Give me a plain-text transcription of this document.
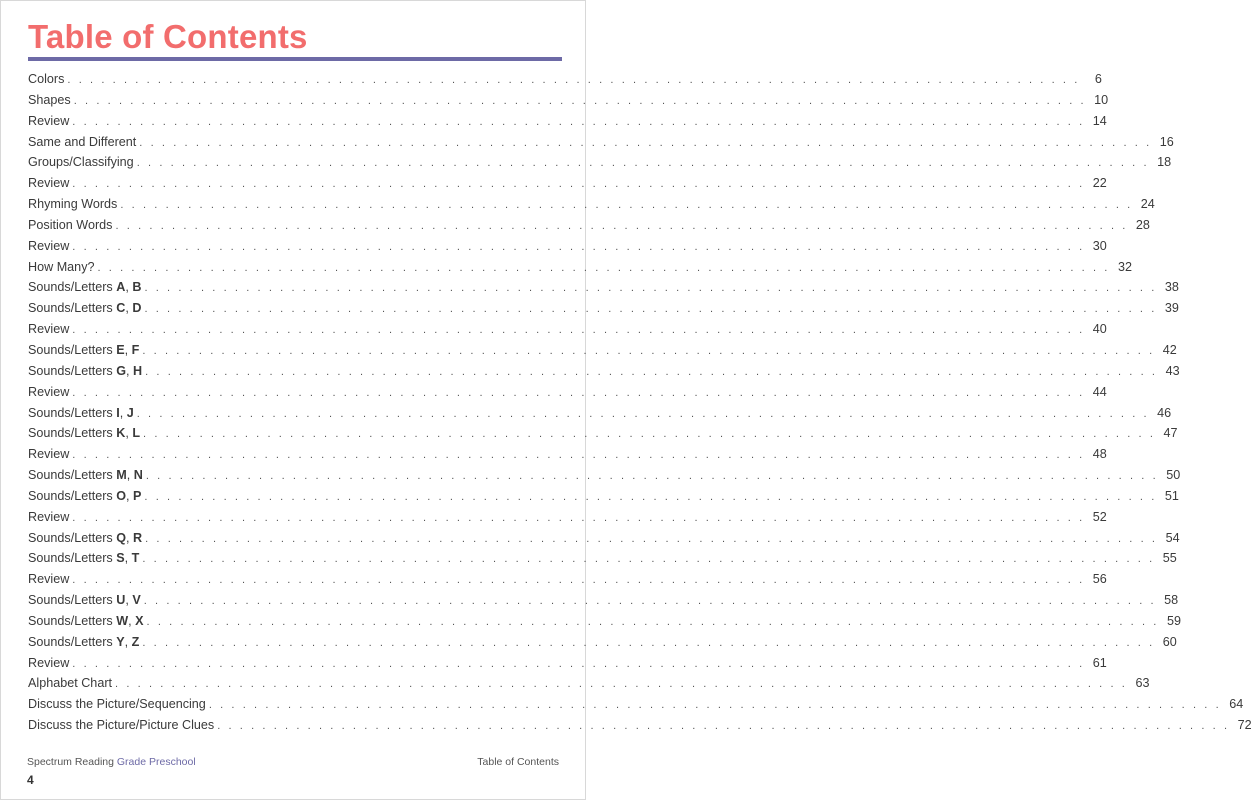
Table of Contents
Colors . . . . . . . . . . . . . . . . . . . . . . . . . . . . . . . . . . . . . . . . . . . . . . . . . . . . . . . . . . . . . . . . . . . . . . . . . . . . . . . . . . . . . . . . . .	6
Shapes . . . . . . . . . . . . . . . . . . . . . . . . . . . . . . . . . . . . . . . . . . . . . . . . . . . . . . . . . . . . . . . . . . . . . . . . . . . . . . . . . . . . . . . . . . 10
Review . . . . . . . . . . . . . . . . . . . . . . . . . . . . . . . . . . . . . . . . . . . . . . . . . . . . . . . . . . . . . . . . . . . . . . . . . . . . . . . . . . . . . . . . . . 14
Same and Different . . . . . . . . . . . . . . . . . . . . . . . . . . . . . . . . . . . . . . . . . . . . . . . . . . . . . . . . . . . . . . . . . . . . . . . . . . . . . . . . . . . . . . . . . . 16
Groups/Classifying . . . . . . . . . . . . . . . . . . . . . . . . . . . . . . . . . . . . . . . . . . . . . . . . . . . . . . . . . . . . . . . . . . . . . . . . . . . . . . . . . . . . . . . . . . 18
Review . . . . . . . . . . . . . . . . . . . . . . . . . . . . . . . . . . . . . . . . . . . . . . . . . . . . . . . . . . . . . . . . . . . . . . . . . . . . . . . . . . . . . . . . . . 22
Rhyming Words . . . . . . . . . . . . . . . . . . . . . . . . . . . . . . . . . . . . . . . . . . . . . . . . . . . . . . . . . . . . . . . . . . . . . . . . . . . . . . . . . . . . . . . . . . 24
Position Words . . . . . . . . . . . . . . . . . . . . . . . . . . . . . . . . . . . . . . . . . . . . . . . . . . . . . . . . . . . . . . . . . . . . . . . . . . . . . . . . . . . . . . . . . . 28
Review . . . . . . . . . . . . . . . . . . . . . . . . . . . . . . . . . . . . . . . . . . . . . . . . . . . . . . . . . . . . . . . . . . . . . . . . . . . . . . . . . . . . . . . . . . 30
How Many? . . . . . . . . . . . . . . . . . . . . . . . . . . . . . . . . . . . . . . . . . . . . . . . . . . . . . . . . . . . . . . . . . . . . . . . . . . . . . . . . . . . . . . . . . . 32
Sounds/Letters A, B . . . . . . . . . . . . . . . . . . . . . . . . . . . . . . . . . . . . . . . . . . . . . . . . . . . . . . . . . . . . . . . . . . . . . . . . . . . . . . . . . . . . . . . . . . 38
Sounds/Letters C, D . . . . . . . . . . . . . . . . . . . . . . . . . . . . . . . . . . . . . . . . . . . . . . . . . . . . . . . . . . . . . . . . . . . . . . . . . . . . . . . . . . . . . . . . . . 39
Review . . . . . . . . . . . . . . . . . . . . . . . . . . . . . . . . . . . . . . . . . . . . . . . . . . . . . . . . . . . . . . . . . . . . . . . . . . . . . . . . . . . . . . . . . . 40
Sounds/Letters E, F . . . . . . . . . . . . . . . . . . . . . . . . . . . . . . . . . . . . . . . . . . . . . . . . . . . . . . . . . . . . . . . . . . . . . . . . . . . . . . . . . . . . . . . . . . 42
Sounds/Letters G, H . . . . . . . . . . . . . . . . . . . . . . . . . . . . . . . . . . . . . . . . . . . . . . . . . . . . . . . . . . . . . . . . . . . . . . . . . . . . . . . . . . . . . . . . . . 43
Review . . . . . . . . . . . . . . . . . . . . . . . . . . . . . . . . . . . . . . . . . . . . . . . . . . . . . . . . . . . . . . . . . . . . . . . . . . . . . . . . . . . . . . . . . . 44
Sounds/Letters I, J . . . . . . . . . . . . . . . . . . . . . . . . . . . . . . . . . . . . . . . . . . . . . . . . . . . . . . . . . . . . . . . . . . . . . . . . . . . . . . . . . . . . . . . . . . 46
Sounds/Letters K, L . . . . . . . . . . . . . . . . . . . . . . . . . . . . . . . . . . . . . . . . . . . . . . . . . . . . . . . . . . . . . . . . . . . . . . . . . . . . . . . . . . . . . . . . . . 47
Review . . . . . . . . . . . . . . . . . . . . . . . . . . . . . . . . . . . . . . . . . . . . . . . . . . . . . . . . . . . . . . . . . . . . . . . . . . . . . . . . . . . . . . . . . . 48
Sounds/Letters M, N . . . . . . . . . . . . . . . . . . . . . . . . . . . . . . . . . . . . . . . . . . . . . . . . . . . . . . . . . . . . . . . . . . . . . . . . . . . . . . . . . . . . . . . . . . 50
Sounds/Letters O, P . . . . . . . . . . . . . . . . . . . . . . . . . . . . . . . . . . . . . . . . . . . . . . . . . . . . . . . . . . . . . . . . . . . . . . . . . . . . . . . . . . . . . . . . . . 51
Review . . . . . . . . . . . . . . . . . . . . . . . . . . . . . . . . . . . . . . . . . . . . . . . . . . . . . . . . . . . . . . . . . . . . . . . . . . . . . . . . . . . . . . . . . . 52
Sounds/Letters Q, R . . . . . . . . . . . . . . . . . . . . . . . . . . . . . . . . . . . . . . . . . . . . . . . . . . . . . . . . . . . . . . . . . . . . . . . . . . . . . . . . . . . . . . . . . . 54
Sounds/Letters S, T . . . . . . . . . . . . . . . . . . . . . . . . . . . . . . . . . . . . . . . . . . . . . . . . . . . . . . . . . . . . . . . . . . . . . . . . . . . . . . . . . . . . . . . . . . 55
Review . . . . . . . . . . . . . . . . . . . . . . . . . . . . . . . . . . . . . . . . . . . . . . . . . . . . . . . . . . . . . . . . . . . . . . . . . . . . . . . . . . . . . . . . . . 56
Sounds/Letters U, V . . . . . . . . . . . . . . . . . . . . . . . . . . . . . . . . . . . . . . . . . . . . . . . . . . . . . . . . . . . . . . . . . . . . . . . . . . . . . . . . . . . . . . . . . . 58
Sounds/Letters W, X . . . . . . . . . . . . . . . . . . . . . . . . . . . . . . . . . . . . . . . . . . . . . . . . . . . . . . . . . . . . . . . . . . . . . . . . . . . . . . . . . . . . . . . . . . 59
Sounds/Letters Y, Z . . . . . . . . . . . . . . . . . . . . . . . . . . . . . . . . . . . . . . . . . . . . . . . . . . . . . . . . . . . . . . . . . . . . . . . . . . . . . . . . . . . . . . . . . . 60
Review . . . . . . . . . . . . . . . . . . . . . . . . . . . . . . . . . . . . . . . . . . . . . . . . . . . . . . . . . . . . . . . . . . . . . . . . . . . . . . . . . . . . . . . . . . 61
Alphabet Chart . . . . . . . . . . . . . . . . . . . . . . . . . . . . . . . . . . . . . . . . . . . . . . . . . . . . . . . . . . . . . . . . . . . . . . . . . . . . . . . . . . . . . . . . . . 63
Discuss the Picture/Sequencing . . . . . . . . . . . . . . . . . . . . . . . . . . . . . . . . . . . . . . . . . . . . . . . . . . . . . . . . . . . . . . . . . . . . . . . . . . . . . . . . . . . . . . . . . . 64
Discuss the Picture/Picture Clues . . . . . . . . . . . . . . . . . . . . . . . . . . . . . . . . . . . . . . . . . . . . . . . . . . . . . . . . . . . . . . . . . . . . . . . . . . . . . . . . . . . . . . . . . . 72
Spectrum Reading Grade Preschool	Table of Contents
4
